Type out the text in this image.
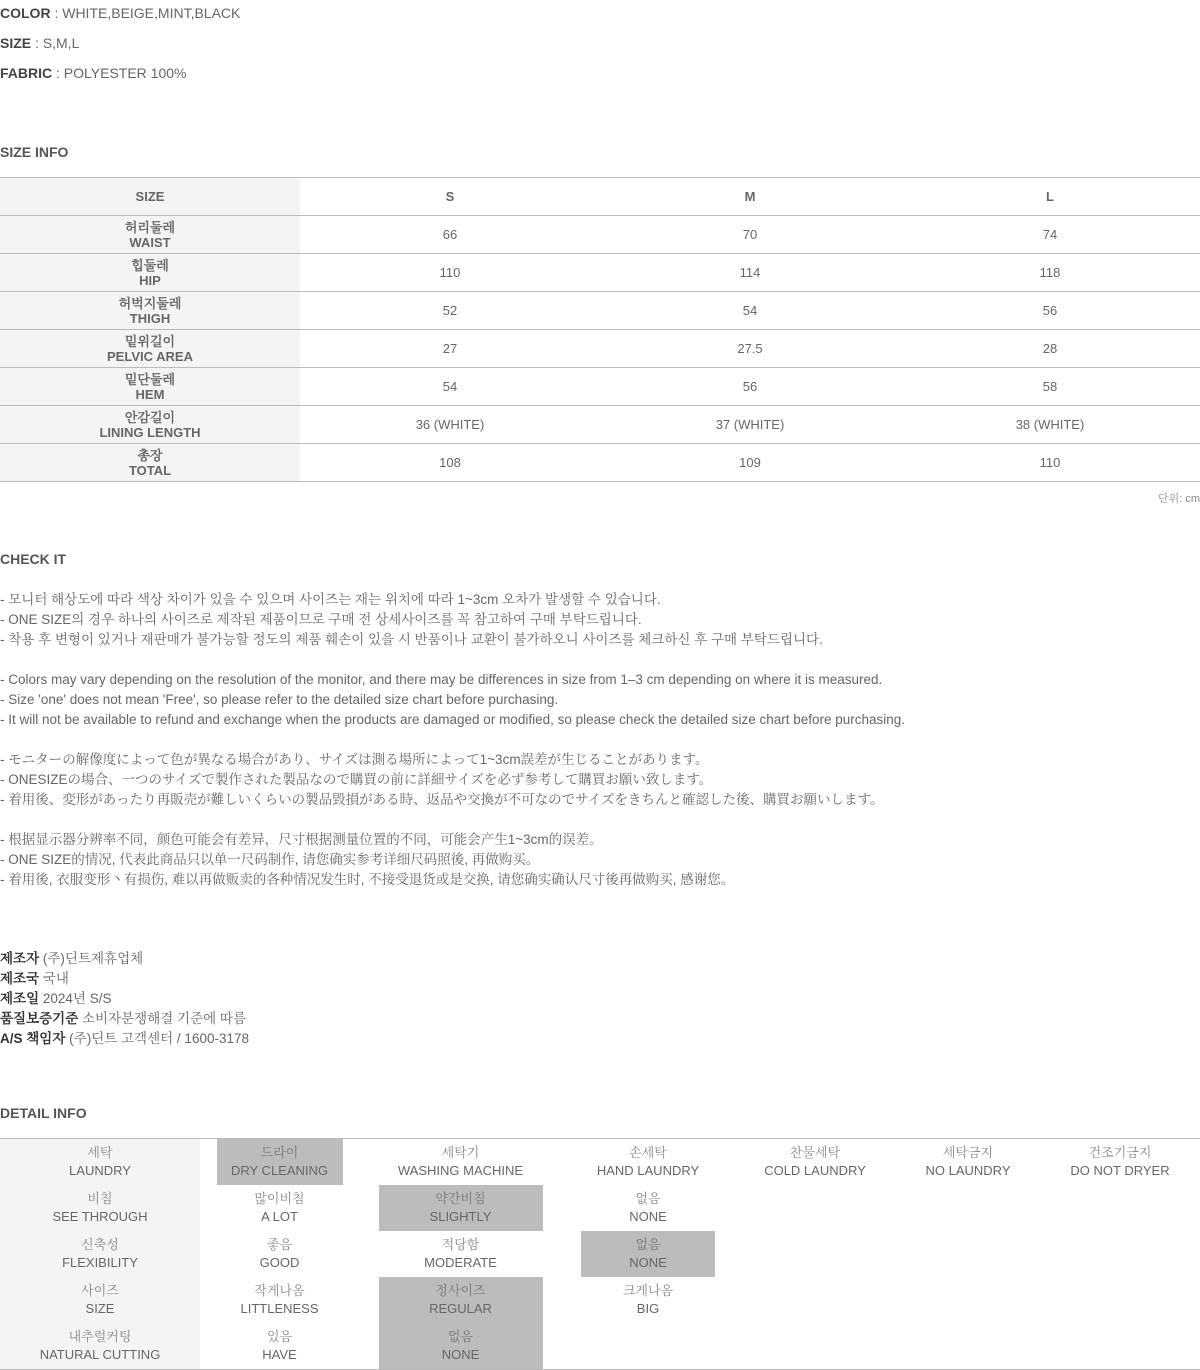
COLOR : WHITE,BEIGE,MINT,BLACK
SIZE : S,M,L
FABRIC : POLYESTER 100%
SIZE INFO
SIZE	S	M	L
허리둘레
WAIST	66	70	74
힙둘레
HIP	110	114	118
허벅지둘레
THIGH	52	54	56
밑위길이
PELVIC AREA	27	27.5	28
밑단둘레
HEM	54	56	58
안감길이
LINING LENGTH	36 (WHITE)	37 (WHITE)	38 (WHITE)
총장
TOTAL	108	109	110
단위: cm
CHECK IT
- 모니터 해상도에 따라 색상 차이가 있을 수 있으며 사이즈는 재는 위치에 따라 1~3cm 오차가 발생할 수 있습니다.
- ONE SIZE의 경우 하나의 사이즈로 제작된 제품이므로 구매 전 상세사이즈를 꼭 참고하여 구매 부탁드립니다.
- 착용 후 변형이 있거나 재판매가 불가능할 정도의 제품 훼손이 있을 시 반품이나 교환이 불가하오니 사이즈를 체크하신 후 구매 부탁드립니다.
- Colors may vary depending on the resolution of the monitor, and there may be differences in size from 1–3 cm depending on where it is measured.
- Size 'one' does not mean 'Free', so please refer to the detailed size chart before purchasing.
- It will not be available to refund and exchange when the products are damaged or modified, so please check the detailed size chart before purchasing.
- モニターの解像度によって色が異なる場合があり、サイズは測る場所によって1~3cm誤差が生じることがあります。
- ONESIZEの場合、一つのサイズで製作された製品なので購買の前に詳細サイズを必ず参考して購買お願い致します。
- 着用後、変形があったり再販売が難しいくらいの製品毀損がある時、返品や交換が不可なのでサイズをきちんと確認した後、購買お願いします。
- 根据显示器分辨率不同，颜色可能会有差异，尺寸根据测量位置的不同，可能会产生1~3cm的误差。
- ONE SIZE的情况, 代表此商品只以单一尺码制作, 请您确实参考详细尺码照後, 再做购买。
- 着用後, 衣服变形丶有损伤, 难以再做贩卖的各种情况发生时, 不接受退货或是交换, 请您确实确认尺寸後再做购买, 感谢您。
제조자 (주)딘트제휴업체
제조국 국내
제조일 2024년 S/S
품질보증기준 소비자분쟁해결 기준에 따름
A/S 책임자 (주)딘트 고객센터 / 1600-3178
DETAIL INFO
세탁
LAUNDRY	드라이
DRY CLEANING	세탁기
WASHING MACHINE	손세탁
HAND LAUNDRY	찬물세탁
COLD LAUNDRY	세탁금지
NO LAUNDRY	건조기금지
DO NOT DRYER

비침
SEE THROUGH	많이비침
A LOT	약간비침
SLIGHTLY	없음
NONE			

신축성
FLEXIBILITY	좋음
GOOD	적당함
MODERATE	없음
NONE			

사이즈
SIZE	작게나옴
LITTLENESS	정사이즈
REGULAR	크게나옴
BIG			

내추럴커팅
NATURAL CUTTING	있음
HAVE	없음
NONE				
